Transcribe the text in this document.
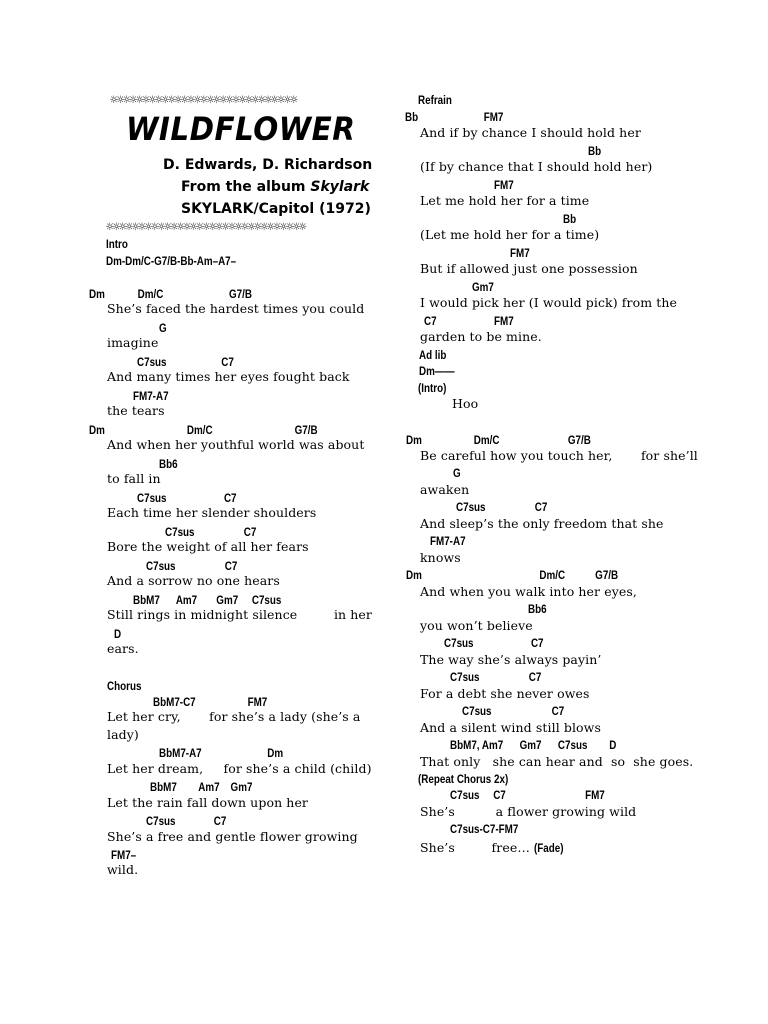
☼☼☼☼☼☼☼☼☼☼☼☼☼☼☼☼☼☼☼☼☼☼☼☼☼☼☼☼☼
WILDFLOWER
D. Edwards, D. Richardson
From the album Skylark
SKYLARK/Capitol (1972)
☼☼☼☼☼☼☼☼☼☼☼☼☼☼☼☼☼☼☼☼☼☼☼☼☼☼☼☼☼☼☼
Intro
Dm-Dm/C-G7/B-Bb-Am–A7–
Dm            Dm/C                        G7/B
She’s faced the hardest times you could
G
imagine
C7sus                    C7
And many times her eyes fought back
FM7-A7
the tears
Dm                              Dm/C                              G7/B
And when her youthful world was about
Bb6
to fall in
C7sus                     C7
Each time her slender shoulders
C7sus                  C7
Bore the weight of all her fears
C7sus                  C7
And a sorrow no one hears
BbM7      Am7       Gm7     C7sus
Still rings in midnight silence         in her
D
ears.
Chorus
BbM7-C7                   FM7
Let her cry,       for she’s a lady (she’s a
lady)
BbM7-A7                        Dm
Let her dream,     for she’s a child (child)
BbM7        Am7    Gm7
Let the rain fall down upon her
C7sus              C7
She’s a free and gentle flower growing
FM7–
wild.
Refrain
Bb                        FM7
And if by chance I should hold her
Bb
(If by chance that I should hold her)
FM7
Let me hold her for a time
Bb
(Let me hold her for a time)
FM7
But if allowed just one possession
Gm7
I would pick her (I would pick) from the
C7                     FM7
garden to be mine.
Ad lib
Dm——
(Intro)
Hoo
Dm                   Dm/C                         G7/B
Be careful how you touch her,       for she’ll
G
awaken
C7sus                  C7
And sleep’s the only freedom that she
FM7-A7
knows
Dm                                           Dm/C           G7/B
And when you walk into her eyes,
Bb6
you won’t believe
C7sus                     C7
The way she’s always payin’
C7sus                  C7
For a debt she never owes
C7sus                      C7
And a silent wind still blows
BbM7, Am7      Gm7      C7sus        D
That only   she can hear and  so  she goes.
(Repeat Chorus 2x)
C7sus     C7                             FM7
She’s          a flower growing wild
C7sus-C7-FM7
She’s         free… (Fade)
